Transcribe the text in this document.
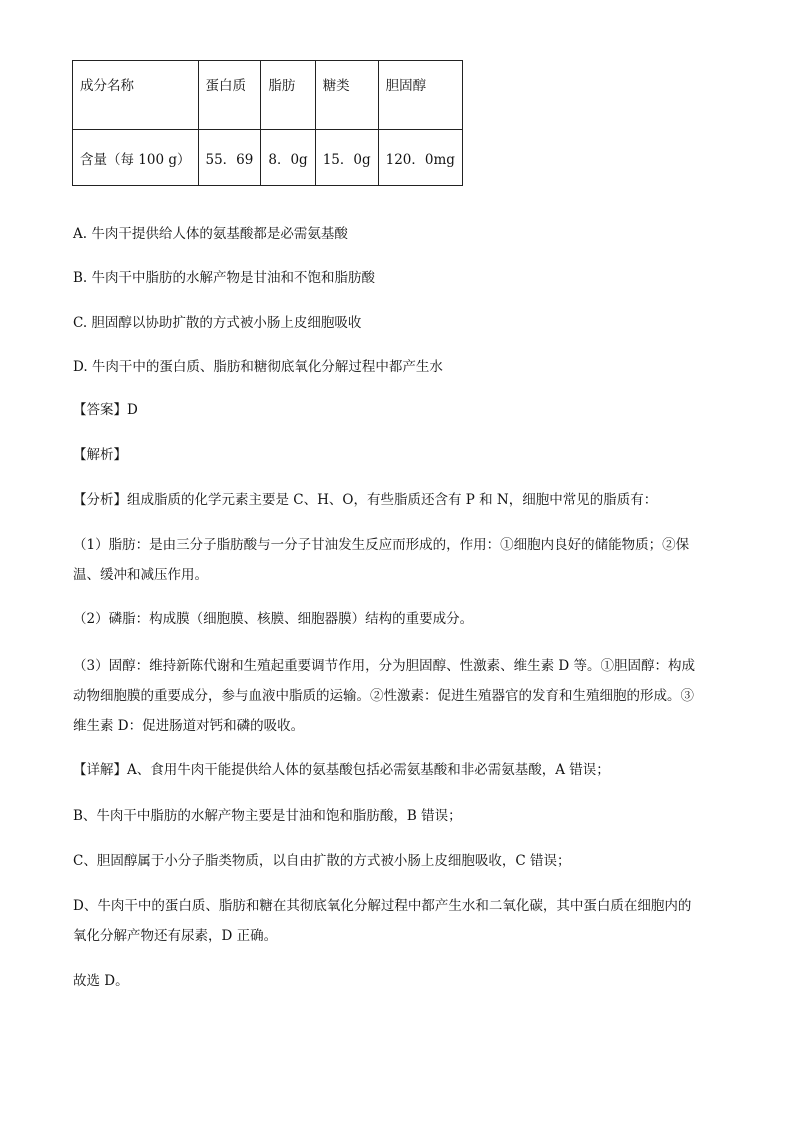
成分名称	蛋白质	脂肪	糖类	胆固醇
含量（每 100 g）	55．69	8．0g	15．0g	120．0mg
A. 牛肉干提供给人体的氨基酸都是必需氨基酸
B. 牛肉干中脂肪的水解产物是甘油和不饱和脂肪酸
C. 胆固醇以协助扩散的方式被小肠上皮细胞吸收
D. 牛肉干中的蛋白质、脂肪和糖彻底氧化分解过程中都产生水
【答案】D
【解析】
【分析】组成脂质的化学元素主要是 C、H、O，有些脂质还含有 P 和 N，细胞中常见的脂质有：
（1）脂肪：是由三分子脂肪酸与一分子甘油发生反应而形成的，作用：①细胞内良好的储能物质；②保
温、缓冲和减压作用。
（2）磷脂：构成膜（细胞膜、核膜、细胞器膜）结构的重要成分。
（3）固醇：维持新陈代谢和生殖起重要调节作用，分为胆固醇、性激素、维生素 D 等。①胆固醇：构成
动物细胞膜的重要成分，参与血液中脂质的运输。②性激素：促进生殖器官的发育和生殖细胞的形成。③
维生素 D：促进肠道对钙和磷的吸收。
【详解】A、食用牛肉干能提供给人体的氨基酸包括必需氨基酸和非必需氨基酸，A 错误；
B、牛肉干中脂肪的水解产物主要是甘油和饱和脂肪酸，B 错误；
C、胆固醇属于小分子脂类物质，以自由扩散的方式被小肠上皮细胞吸收，C 错误；
D、牛肉干中的蛋白质、脂肪和糖在其彻底氧化分解过程中都产生水和二氧化碳，其中蛋白质在细胞内的
氧化分解产物还有尿素，D 正确。
故选 D。
